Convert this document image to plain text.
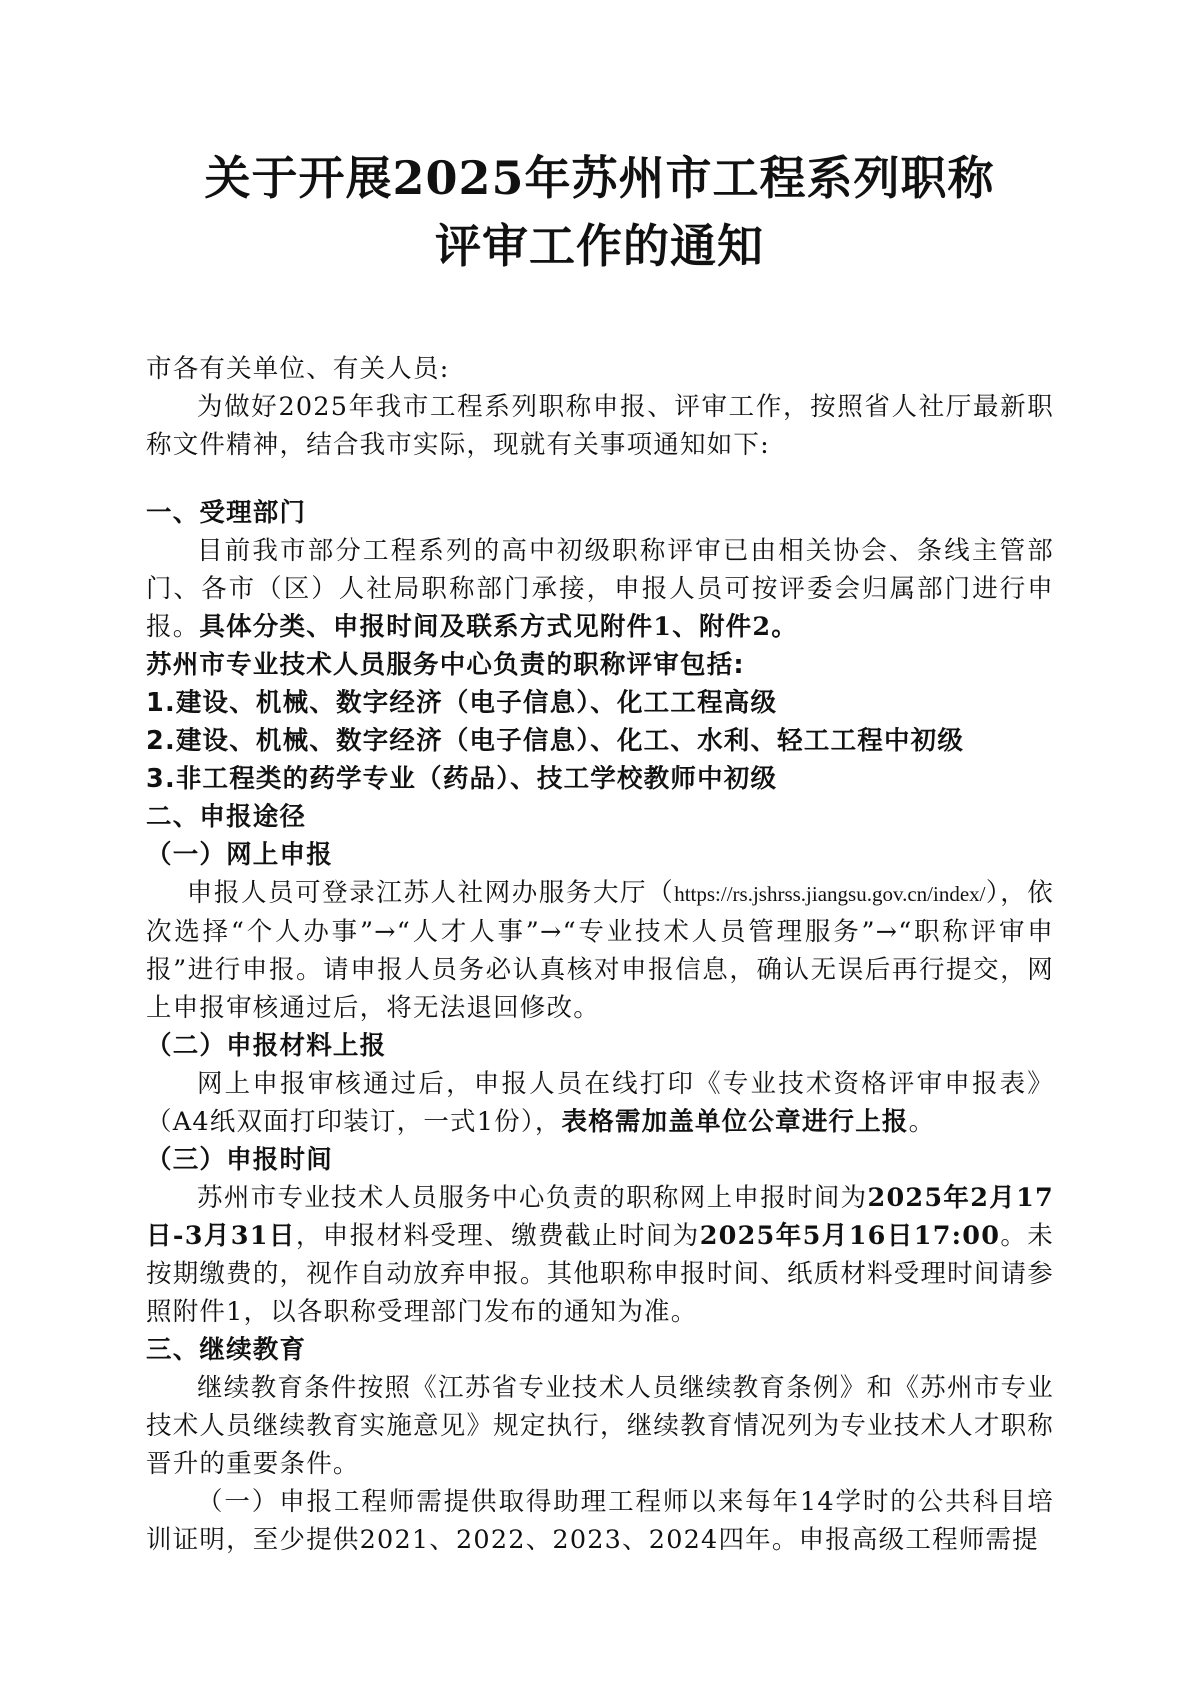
关于开展2025年苏州市工程系列职称
评审工作的通知

市各有关单位、有关人员:

为做好2025年我市工程系列职称申报、评审工作，按照省人社厅最新职称文件精神，结合我市实际，现就有关事项通知如下:

一、受理部门

目前我市部分工程系列的高中初级职称评审已由相关协会、条线主管部门、各市（区）人社局职称部门承接，申报人员可按评委会归属部门进行申报。具体分类、申报时间及联系方式见附件1、附件2。

苏州市专业技术人员服务中心负责的职称评审包括:

1.建设、机械、数字经济（电子信息）、化工工程高级

2.建设、机械、数字经济（电子信息）、化工、水利、轻工工程中初级

3.非工程类的药学专业（药品）、技工学校教师中初级

二、申报途径

（一）网上申报

申报人员可登录江苏人社网办服务大厅（https://rs.jshrss.jiangsu.gov.cn/index/），依次选择“个人办事”→“人才人事”→“专业技术人员管理服务”→“职称评审申报”进行申报。请申报人员务必认真核对申报信息，确认无误后再行提交，网上申报审核通过后，将无法退回修改。

（二）申报材料上报

网上申报审核通过后，申报人员在线打印《专业技术资格评审申报表》（A4纸双面打印装订，一式1份），表格需加盖单位公章进行上报。

（三）申报时间

苏州市专业技术人员服务中心负责的职称网上申报时间为2025年2月17日-3月31日，申报材料受理、缴费截止时间为2025年5月16日17:00。未按期缴费的，视作自动放弃申报。其他职称申报时间、纸质材料受理时间请参照附件1，以各职称受理部门发布的通知为准。

三、继续教育

继续教育条件按照《江苏省专业技术人员继续教育条例》和《苏州市专业技术人员继续教育实施意见》规定执行，继续教育情况列为专业技术人才职称晋升的重要条件。

（一）申报工程师需提供取得助理工程师以来每年14学时的公共科目培训证明，至少提供2021、2022、2023、2024四年。申报高级工程师需提
